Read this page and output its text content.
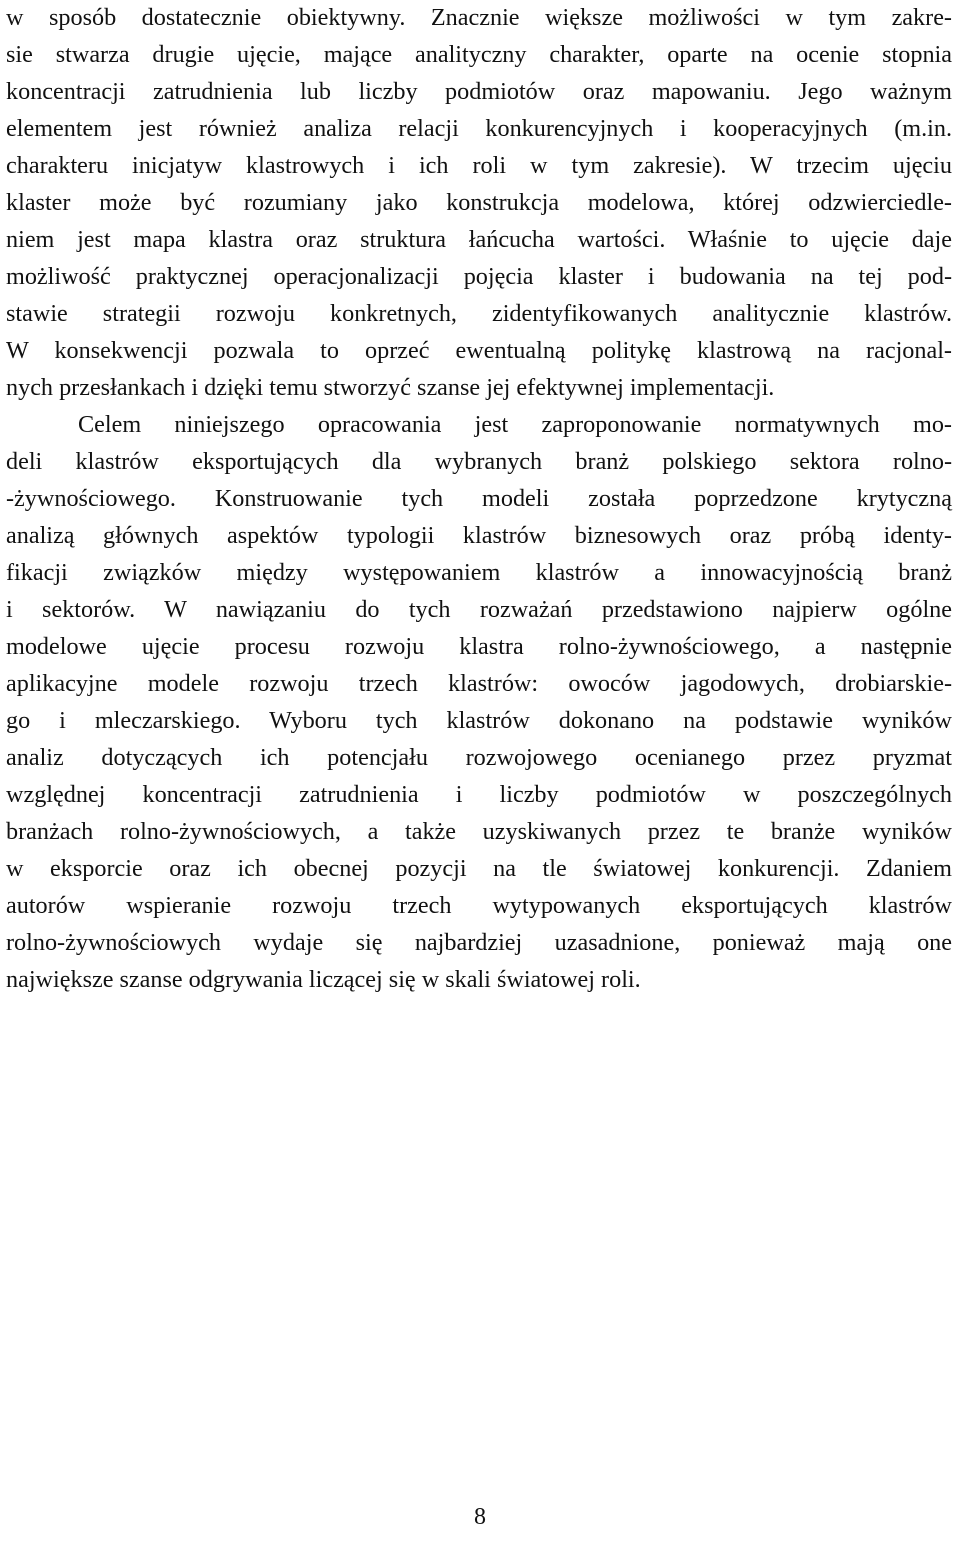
w sposób dostatecznie obiektywny. Znacznie większe możliwości w tym zakre-
sie stwarza drugie ujęcie, mające analityczny charakter, oparte na ocenie stopnia
koncentracji zatrudnienia lub liczby podmiotów oraz mapowaniu. Jego ważnym
elementem jest również analiza relacji konkurencyjnych i kooperacyjnych (m.in.
charakteru inicjatyw klastrowych i ich roli w tym zakresie). W trzecim ujęciu
klaster może być rozumiany jako konstrukcja modelowa, której odzwierciedle-
niem jest mapa klastra oraz struktura łańcucha wartości. Właśnie to ujęcie daje
możliwość praktycznej operacjonalizacji pojęcia klaster i budowania na tej pod-
stawie strategii rozwoju konkretnych, zidentyfikowanych analitycznie klastrów.
W konsekwencji pozwala to oprzeć ewentualną politykę klastrową na racjonal-
nych przesłankach i dzięki temu stworzyć szanse jej efektywnej implementacji.
Celem niniejszego opracowania jest zaproponowanie normatywnych mo-
deli klastrów eksportujących dla wybranych branż polskiego sektora rolno-
-żywnościowego. Konstruowanie tych modeli została poprzedzone krytyczną
analizą głównych aspektów typologii klastrów biznesowych oraz próbą identy-
fikacji związków między występowaniem klastrów a innowacyjnością branż
i sektorów. W nawiązaniu do tych rozważań przedstawiono najpierw ogólne
modelowe ujęcie procesu rozwoju klastra rolno-żywnościowego, a następnie
aplikacyjne modele rozwoju trzech klastrów: owoców jagodowych, drobiarskie-
go i mleczarskiego. Wyboru tych klastrów dokonano na podstawie wyników
analiz dotyczących ich potencjału rozwojowego ocenianego przez pryzmat
względnej koncentracji zatrudnienia i liczby podmiotów w poszczególnych
branżach rolno-żywnościowych, a także uzyskiwanych przez te branże wyników
w eksporcie oraz ich obecnej pozycji na tle światowej konkurencji. Zdaniem
autorów wspieranie rozwoju trzech wytypowanych eksportujących klastrów
rolno-żywnościowych wydaje się najbardziej uzasadnione, ponieważ mają one
największe szanse odgrywania liczącej się w skali światowej roli.
8
